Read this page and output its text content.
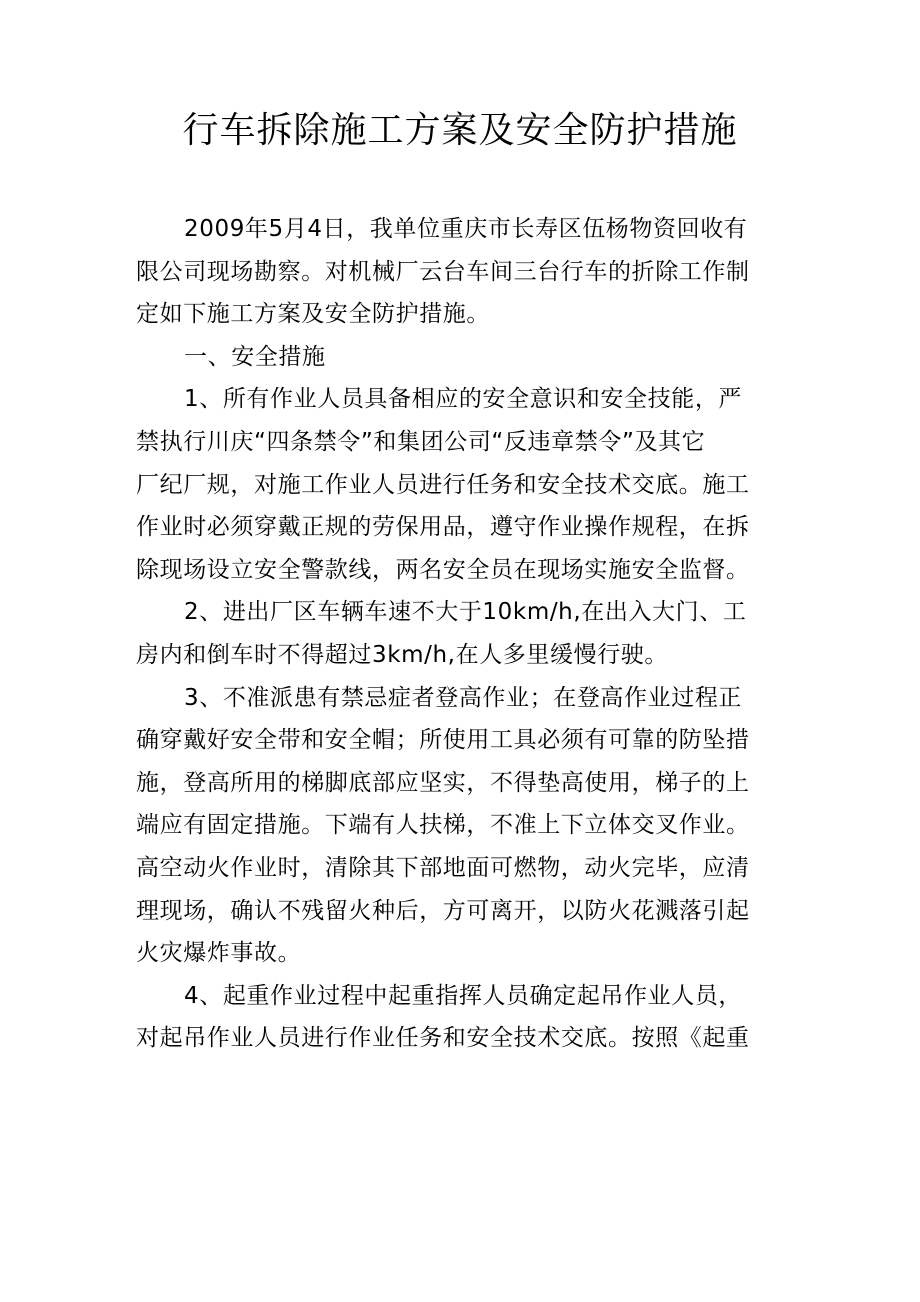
行车拆除施工方案及安全防护措施
2009年5月4日，我单位重庆市长寿区伍杨物资回收有
限公司现场勘察。对机械厂云台车间三台行车的折除工作制
定如下施工方案及安全防护措施。
一、安全措施
1、所有作业人员具备相应的安全意识和安全技能，严
禁执行川庆“四条禁令”和集团公司“反违章禁令”及其它
厂纪厂规，对施工作业人员进行任务和安全技术交底。施工
作业时必须穿戴正规的劳保用品，遵守作业操作规程，在拆
除现场设立安全警款线，两名安全员在现场实施安全监督。
2、进出厂区车辆车速不大于10km/h,在出入大门、工
房内和倒车时不得超过3km/h,在人多里缓慢行驶。
3、不准派患有禁忌症者登高作业；在登高作业过程正
确穿戴好安全带和安全帽；所使用工具必须有可靠的防坠措
施，登高所用的梯脚底部应坚实，不得垫高使用，梯子的上
端应有固定措施。下端有人扶梯，不准上下立体交叉作业。
高空动火作业时，清除其下部地面可燃物，动火完毕，应清
理现场，确认不残留火种后，方可离开，以防火花溅落引起
火灾爆炸事故。
4、起重作业过程中起重指挥人员确定起吊作业人员，
对起吊作业人员进行作业任务和安全技术交底。按照《起重
